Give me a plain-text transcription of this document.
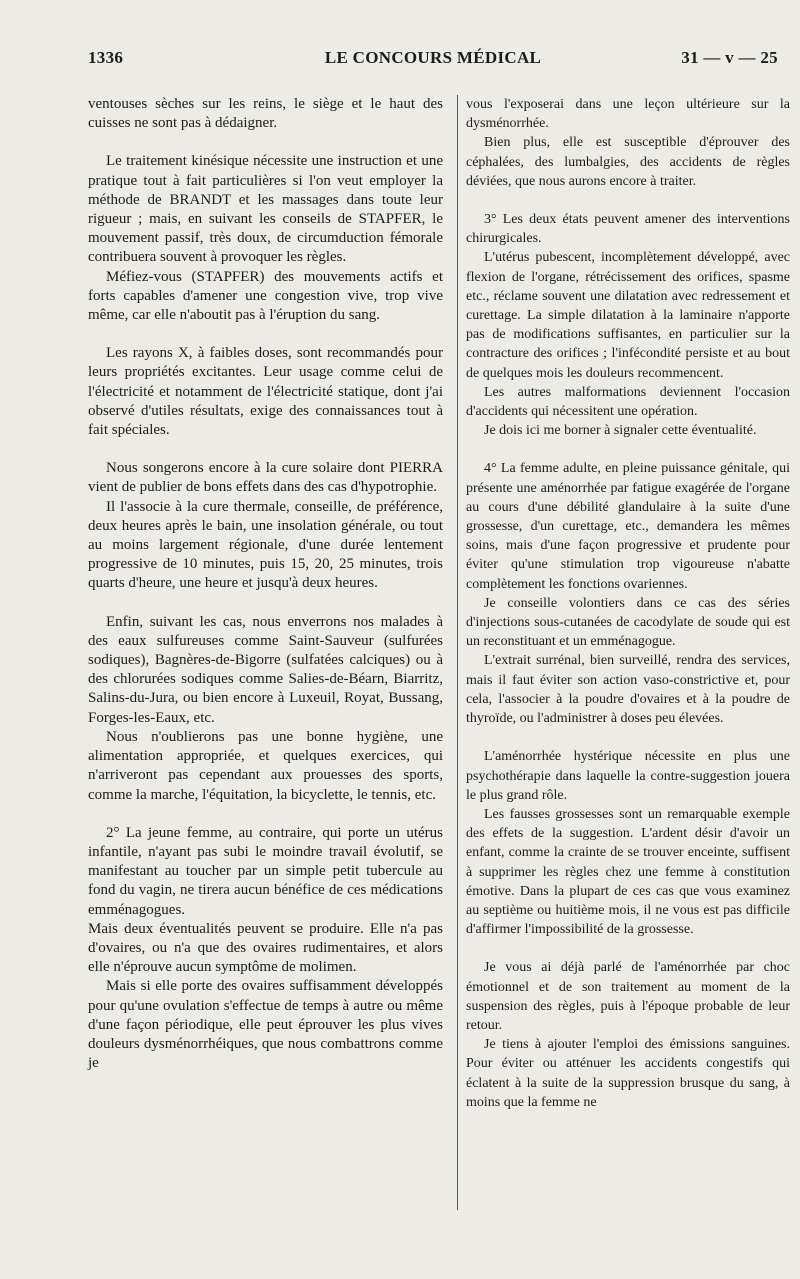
1336	LE CONCOURS MÉDICAL	31 — v — 25

ventouses sèches sur les reins, le siège et le haut des cuisses ne sont pas à dédaigner.

Le traitement kinésique nécessite une instruction et une pratique tout à fait particulières si l'on veut employer la méthode de BRANDT et les massages dans toute leur rigueur ; mais, en suivant les conseils de STAPFER, le mouvement passif, très doux, de circumduction fémorale contribuera souvent à provoquer les règles.

Méfiez-vous (STAPFER) des mouvements actifs et forts capables d'amener une congestion vive, trop vive même, car elle n'aboutit pas à l'éruption du sang.

Les rayons X, à faibles doses, sont recommandés pour leurs propriétés excitantes. Leur usage comme celui de l'électricité et notamment de l'électricité statique, dont j'ai observé d'utiles résultats, exige des connaissances tout à fait spéciales.

Nous songerons encore à la cure solaire dont PIERRA vient de publier de bons effets dans des cas d'hypotrophie.

Il l'associe à la cure thermale, conseille, de préférence, deux heures après le bain, une insolation générale, ou tout au moins largement régionale, d'une durée lentement progressive de 10 minutes, puis 15, 20, 25 minutes, trois quarts d'heure, une heure et jusqu'à deux heures.

Enfin, suivant les cas, nous enverrons nos malades à des eaux sulfureuses comme Saint-Sauveur (sulfurées sodiques), Bagnères-de-Bigorre (sulfatées calciques) ou à des chlorurées sodiques comme Salies-de-Béarn, Biarritz, Salins-du-Jura, ou bien encore à Luxeuil, Royat, Bussang, Forges-les-Eaux, etc.

Nous n'oublierons pas une bonne hygiène, une alimentation appropriée, et quelques exercices, qui n'arriveront pas cependant aux prouesses des sports, comme la marche, l'équitation, la bicyclette, le tennis, etc.

2° La jeune femme, au contraire, qui porte un utérus infantile, n'ayant pas subi le moindre travail évolutif, se manifestant au toucher par un simple petit tubercule au fond du vagin, ne tirera aucun bénéfice de ces médications emménagogues.

Mais deux éventualités peuvent se produire. Elle n'a pas d'ovaires, ou n'a que des ovaires rudimentaires, et alors elle n'éprouve aucun symptôme de molimen.

Mais si elle porte des ovaires suffisamment développés pour qu'une ovulation s'effectue de temps à autre ou même d'une façon périodique, elle peut éprouver les plus vives douleurs dysménorrhéiques, que nous combattrons comme je

vous l'exposerai dans une leçon ultérieure sur la dysménorrhée.

Bien plus, elle est susceptible d'éprouver des céphalées, des lumbalgies, des accidents de règles déviées, que nous aurons encore à traiter.

3° Les deux états peuvent amener des interventions chirurgicales.

L'utérus pubescent, incomplètement développé, avec flexion de l'organe, rétrécissement des orifices, spasme etc., réclame souvent une dilatation avec redressement et curettage. La simple dilatation à la laminaire n'apporte pas de modifications suffisantes, en particulier sur la contracture des orifices ; l'infécondité persiste et au bout de quelques mois les douleurs recommencent.

Les autres malformations deviennent l'occasion d'accidents qui nécessitent une opération.

Je dois ici me borner à signaler cette éventualité.

4° La femme adulte, en pleine puissance génitale, qui présente une aménorrhée par fatigue exagérée de l'organe au cours d'une débilité glandulaire à la suite d'une grossesse, d'un curettage, etc., demandera les mêmes soins, mais d'une façon progressive et prudente pour éviter qu'une stimulation trop vigoureuse n'abatte complètement les fonctions ovariennes.

Je conseille volontiers dans ce cas des séries d'injections sous-cutanées de cacodylate de soude qui est un reconstituant et un emménagogue.

L'extrait surrénal, bien surveillé, rendra des services, mais il faut éviter son action vaso-constrictive et, pour cela, l'associer à la poudre d'ovaires et à la poudre de thyroïde, ou l'administrer à doses peu élevées.

L'aménorrhée hystérique nécessite en plus une psychothérapie dans laquelle la contre-suggestion jouera le plus grand rôle.

Les fausses grossesses sont un remarquable exemple des effets de la suggestion. L'ardent désir d'avoir un enfant, comme la crainte de se trouver enceinte, suffisent à supprimer les règles chez une femme à constitution émotive. Dans la plupart de ces cas que vous examinez au septième ou huitième mois, il ne vous est pas difficile d'affirmer l'impossibilité de la grossesse.

Je vous ai déjà parlé de l'aménorrhée par choc émotionnel et de son traitement au moment de la suspension des règles, puis à l'époque probable de leur retour.

Je tiens à ajouter l'emploi des émissions sanguines. Pour éviter ou atténuer les accidents congestifs qui éclatent à la suite de la suppression brusque du sang, à moins que la femme ne
